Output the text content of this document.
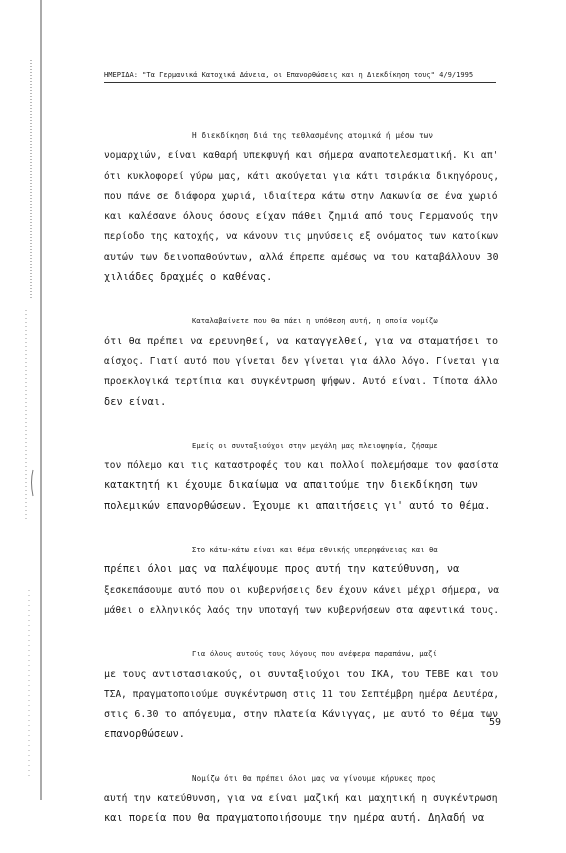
ΗΜΕΡΙΔΑ: "Τα Γερμανικά Κατοχικά Δάνεια, οι Επανορθώσεις και η Διεκδίκηση τους" 4/9/1995
Η διεκδίκηση διά της τεθλασμένης ατομικά ή μέσω των
νομαρχιών, είναι καθαρή υπεκφυγή και σήμερα αναποτελεσματική. Κι απ'
ότι κυκλοφορεί γύρω μας, κάτι ακούγεται για κάτι τσιράκια δικηγόρους,
που πάνε σε διάφορα χωριά, ιδιαίτερα κάτω στην Λακωνία σε ένα χωριό
και καλέσανε όλους όσους είχαν πάθει ζημιά από τους Γερμανούς την
περίοδο της κατοχής, να κάνουν τις μηνύσεις εξ ονόματος των κατοίκων
αυτών των δεινοπαθούντων, αλλά έπρεπε αμέσως να του καταβάλλουν 30
χιλιάδες δραχμές ο καθένας.
Καταλαβαίνετε που θα πάει η υπόθεση αυτή, η οποία νομίζω
ότι θα πρέπει να ερευνηθεί, να καταγγελθεί, για να σταματήσει το
αίσχος. Γιατί αυτό που γίνεται δεν γίνεται για άλλο λόγο. Γίνεται για
προεκλογικά τερτίπια και συγκέντρωση ψήφων. Αυτό είναι. Τίποτα άλλο
δεν είναι.
Εμείς οι συνταξιούχοι στην μεγάλη μας πλειοψηφία, ζήσαμε
τον πόλεμο και τις καταστροφές του και πολλοί πολεμήσαμε τον φασίστα
κατακτητή κι έχουμε δικαίωμα να απαιτούμε την διεκδίκηση των
πολεμικών επανορθώσεων. Έχουμε κι απαιτήσεις γι' αυτό το θέμα.
Στο κάτω-κάτω είναι και θέμα εθνικής υπερηφάνειας και θα
πρέπει όλοι μας να παλέψουμε προς αυτή την κατεύθυνση, να
ξεσκεπάσουμε αυτό που οι κυβερνήσεις δεν έχουν κάνει μέχρι σήμερα, να
μάθει ο ελληνικός λαός την υποταγή των κυβερνήσεων στα αφεντικά τους.
Για όλους αυτούς τους λόγους που ανέφερα παραπάνω, μαζί
με τους αντιστασιακούς, οι συνταξιούχοι του ΙΚΑ, του ΤΕΒΕ και του
ΤΣΑ, πραγματοποιούμε συγκέντρωση στις 11 του Σεπτέμβρη ημέρα Δευτέρα,
στις 6.30 το απόγευμα, στην πλατεία Κάνιγγας, με αυτό το θέμα των
επανορθώσεων.
Νομίζω ότι θα πρέπει όλοι μας να γίνουμε κήρυκες προς
αυτή την κατεύθυνση, για να είναι μαζική και μαχητική η συγκέντρωση
και πορεία που θα πραγματοποιήσουμε την ημέρα αυτή. Δηλαδή να
59
